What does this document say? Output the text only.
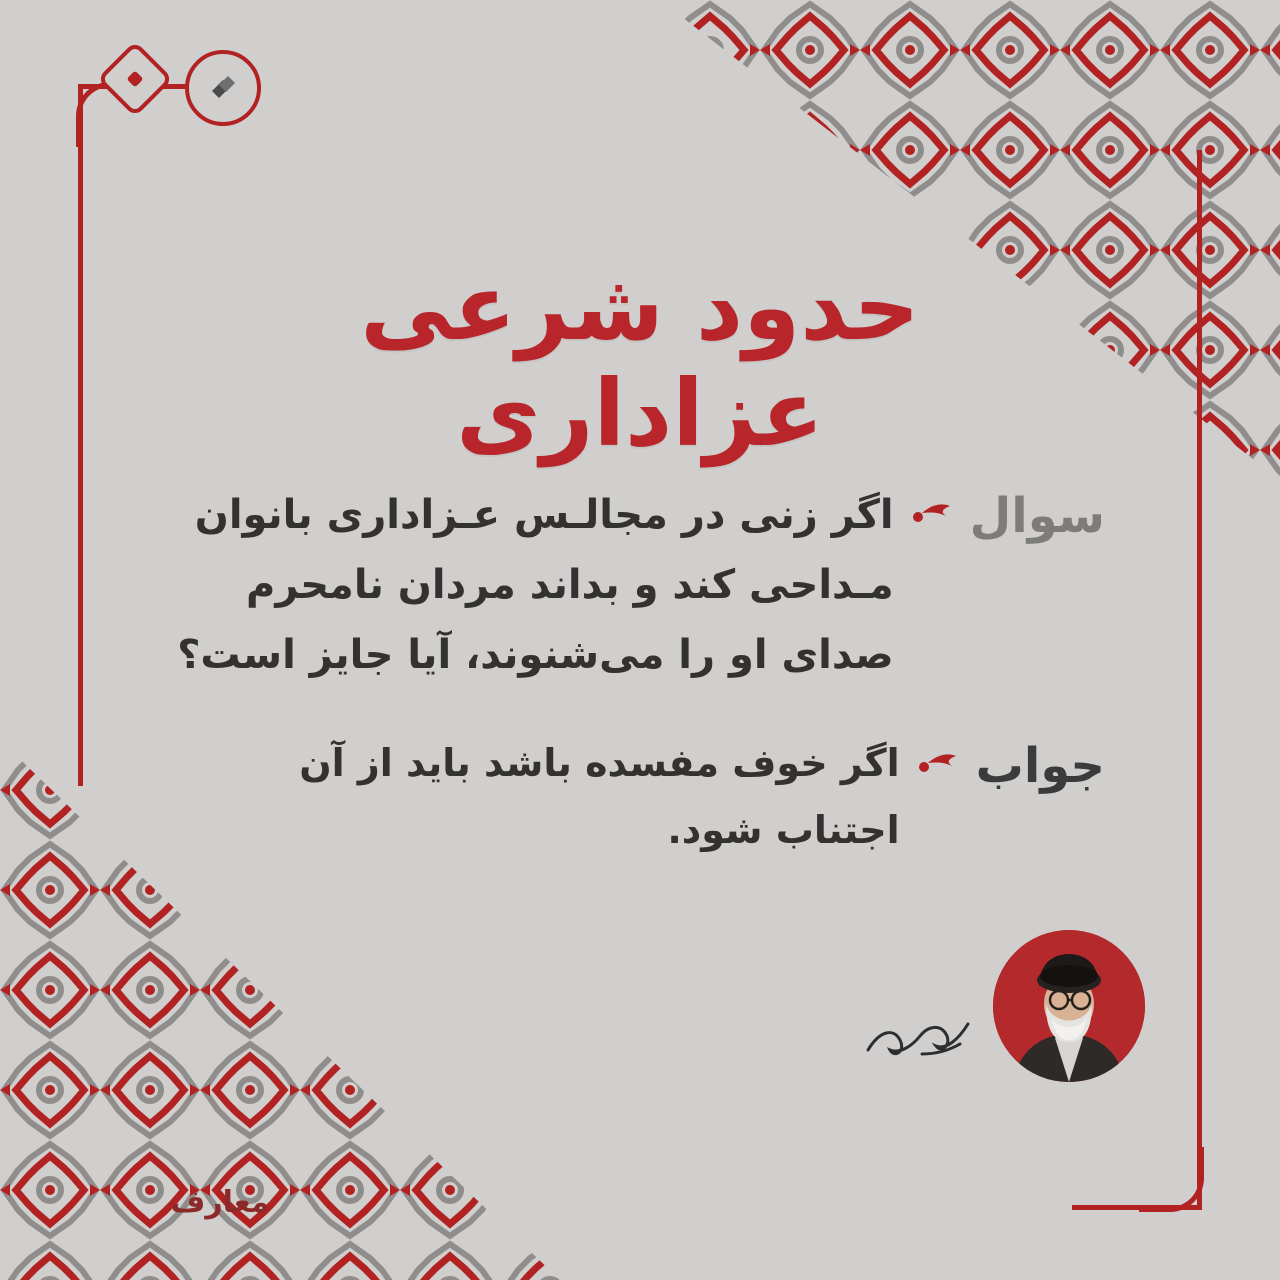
حدود شرعی عزاداری
سوال
اگر زنی در مجالـس عـزاداری بانوان مـداحی کند و بداند مردان نامحرم صدای او را می‌شنوند، آیا جایز است؟
جواب
اگر خوف مفسده باشد باید از آن اجتناب شود.
معارف
